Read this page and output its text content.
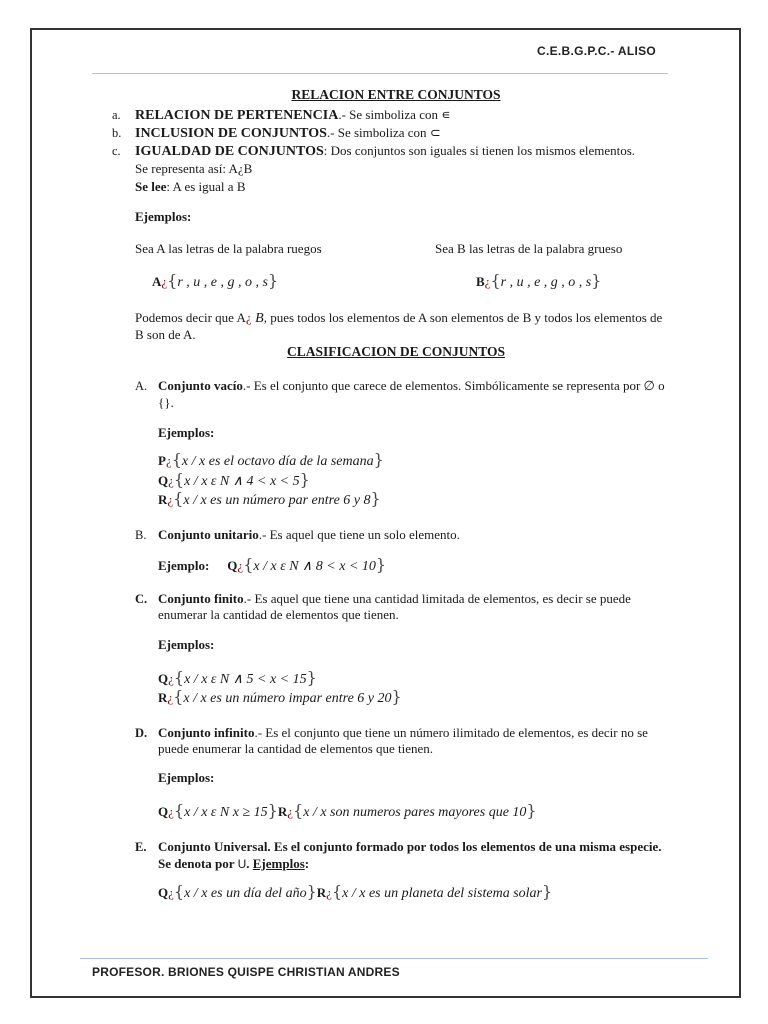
C.E.B.G.P.C.- ALISO
RELACION ENTRE CONJUNTOS
a. RELACION DE PERTENENCIA.- Se simboliza con ∊
b. INCLUSION DE CONJUNTOS.- Se simboliza con ⊂
c. IGUALDAD DE CONJUNTOS: Dos conjuntos son iguales si tienen los mismos elementos.
Se representa así: A¿B
Se lee: A es igual a B
Ejemplos:
Sea A las letras de la palabra ruegos	Sea B las letras de la palabra grueso
A¿{r , u , e , g , o , s}	B¿{r , u , e , g , o , s}
Podemos decir que A¿ B, pues todos los elementos de A son elementos de B y todos los elementos de
B son de A.
CLASIFICACION DE CONJUNTOS
A. Conjunto vacío.- Es el conjunto que carece de elementos. Simbólicamente se representa por ∅ o
{}.
Ejemplos:
P¿{x / x es el octavo día de la semana}
Q¿{x / x ε N ∧ 4 < x < 5}
R¿{x / x es un número par entre 6 y 8}
B. Conjunto unitario.- Es aquel que tiene un solo elemento.
Ejemplo: Q¿{x / x ε N ∧ 8 < x < 10}
C. Conjunto finito.- Es aquel que tiene una cantidad limitada de elementos, es decir se puede
enumerar la cantidad de elementos que tienen.
Ejemplos:
Q¿{x / x ε N ∧ 5 < x < 15}
R¿{x / x es un número impar entre 6 y 20}
D. Conjunto infinito.- Es el conjunto que tiene un número ilimitado de elementos, es decir no se
puede enumerar la cantidad de elementos que tienen.
Ejemplos:
Q¿{x / x ε N x ≥ 15}R¿{x / x son numeros pares mayores que 10}
E. Conjunto Universal. Es el conjunto formado por todos los elementos de una misma especie.
Se denota por U. Ejemplos:
Q¿{x / x es un día del año}R¿{x / x es un planeta del sistema solar}
PROFESOR. BRIONES QUISPE CHRISTIAN ANDRES
